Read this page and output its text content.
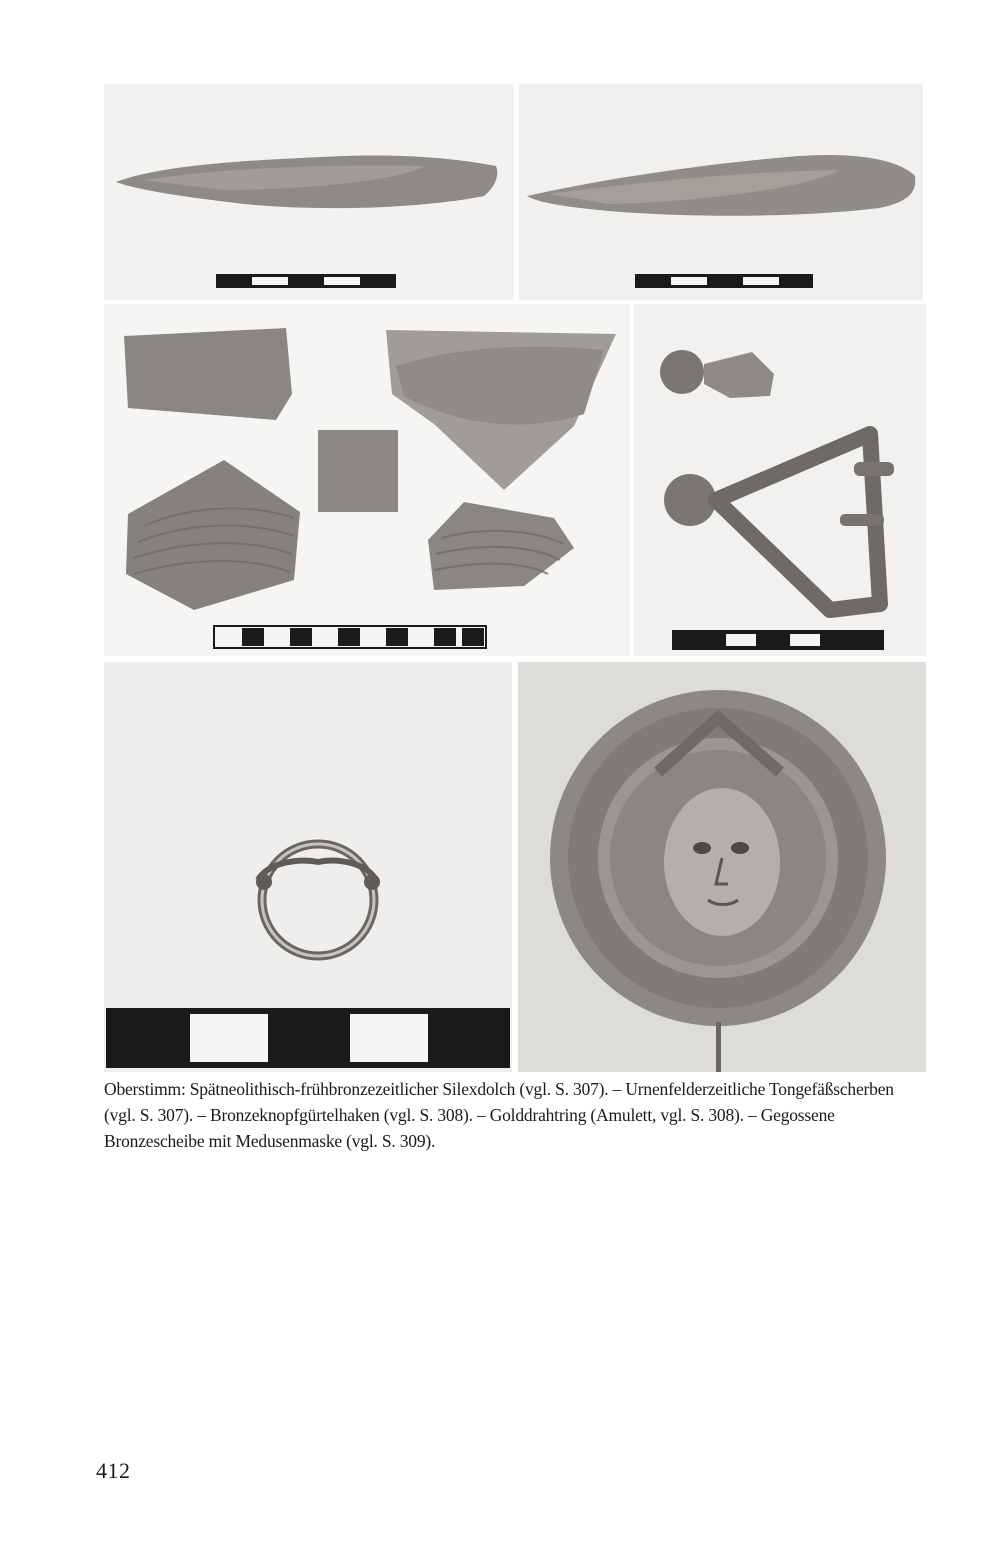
Oberstimm: Spätneolithisch-frühbronzezeitlicher Silexdolch (vgl. S. 307). – Urnenfelderzeitliche Tongefäßscherben (vgl. S. 307). – Bronzeknopfgürtelhaken (vgl. S. 308). – Golddrahtring (Amulett, vgl. S. 308). – Gegossene Bronzescheibe mit Medusenmaske (vgl. S. 309).

412
